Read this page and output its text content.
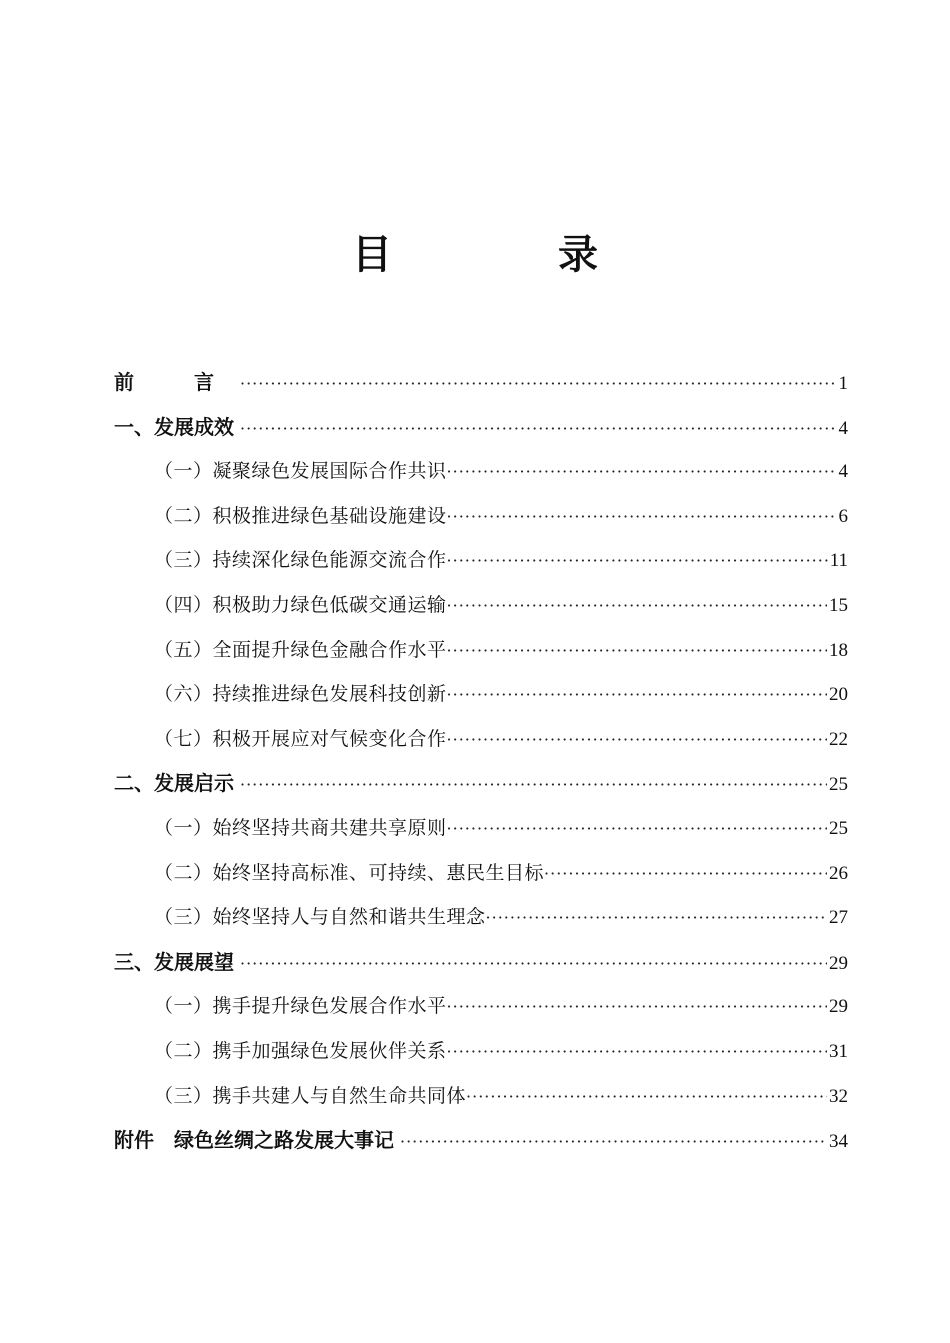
目 录
前　言 ·····	1
一、发展成效 ·····	4
（一）凝聚绿色发展国际合作共识 ·····	4
（二）积极推进绿色基础设施建设 ·····	6
（三）持续深化绿色能源交流合作 ·····	11
（四）积极助力绿色低碳交通运输 ·····	15
（五）全面提升绿色金融合作水平 ·····	18
（六）持续推进绿色发展科技创新 ·····	20
（七）积极开展应对气候变化合作 ·····	22
二、发展启示 ·····	25
（一）始终坚持共商共建共享原则 ·····	25
（二）始终坚持高标准、可持续、惠民生目标 ·····	26
（三）始终坚持人与自然和谐共生理念 ·····	27
三、发展展望 ·····	29
（一）携手提升绿色发展合作水平 ·····	29
（二）携手加强绿色发展伙伴关系 ·····	31
（三）携手共建人与自然生命共同体 ·····	32
附件　绿色丝绸之路发展大事记 ·····	34
